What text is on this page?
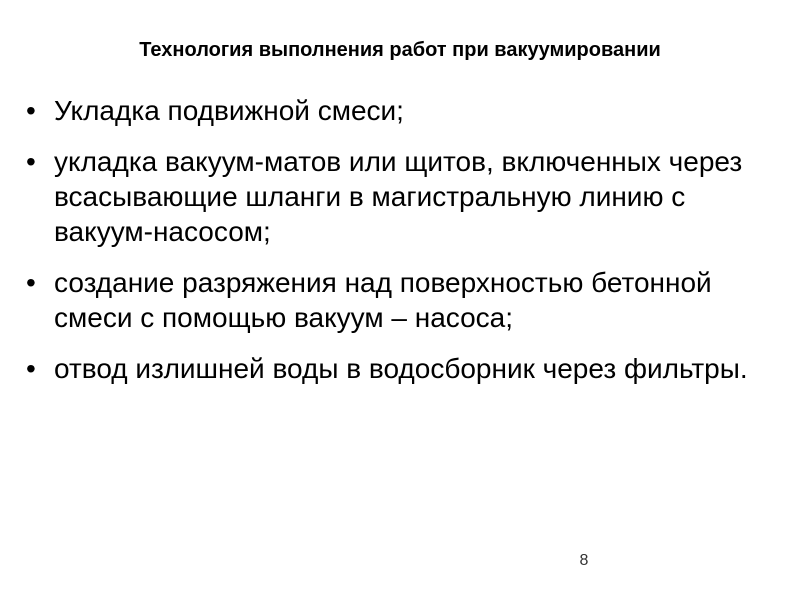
Технология выполнения работ при вакуумировании
• Укладка подвижной смеси;
• укладка вакуум-матов или щитов, включенных через всасывающие шланги в магистральную линию с вакуум-насосом;
• создание разряжения над поверхностью бетонной смеси с помощью вакуум – насоса;
• отвод излишней воды в водосборник через фильтры.
8
